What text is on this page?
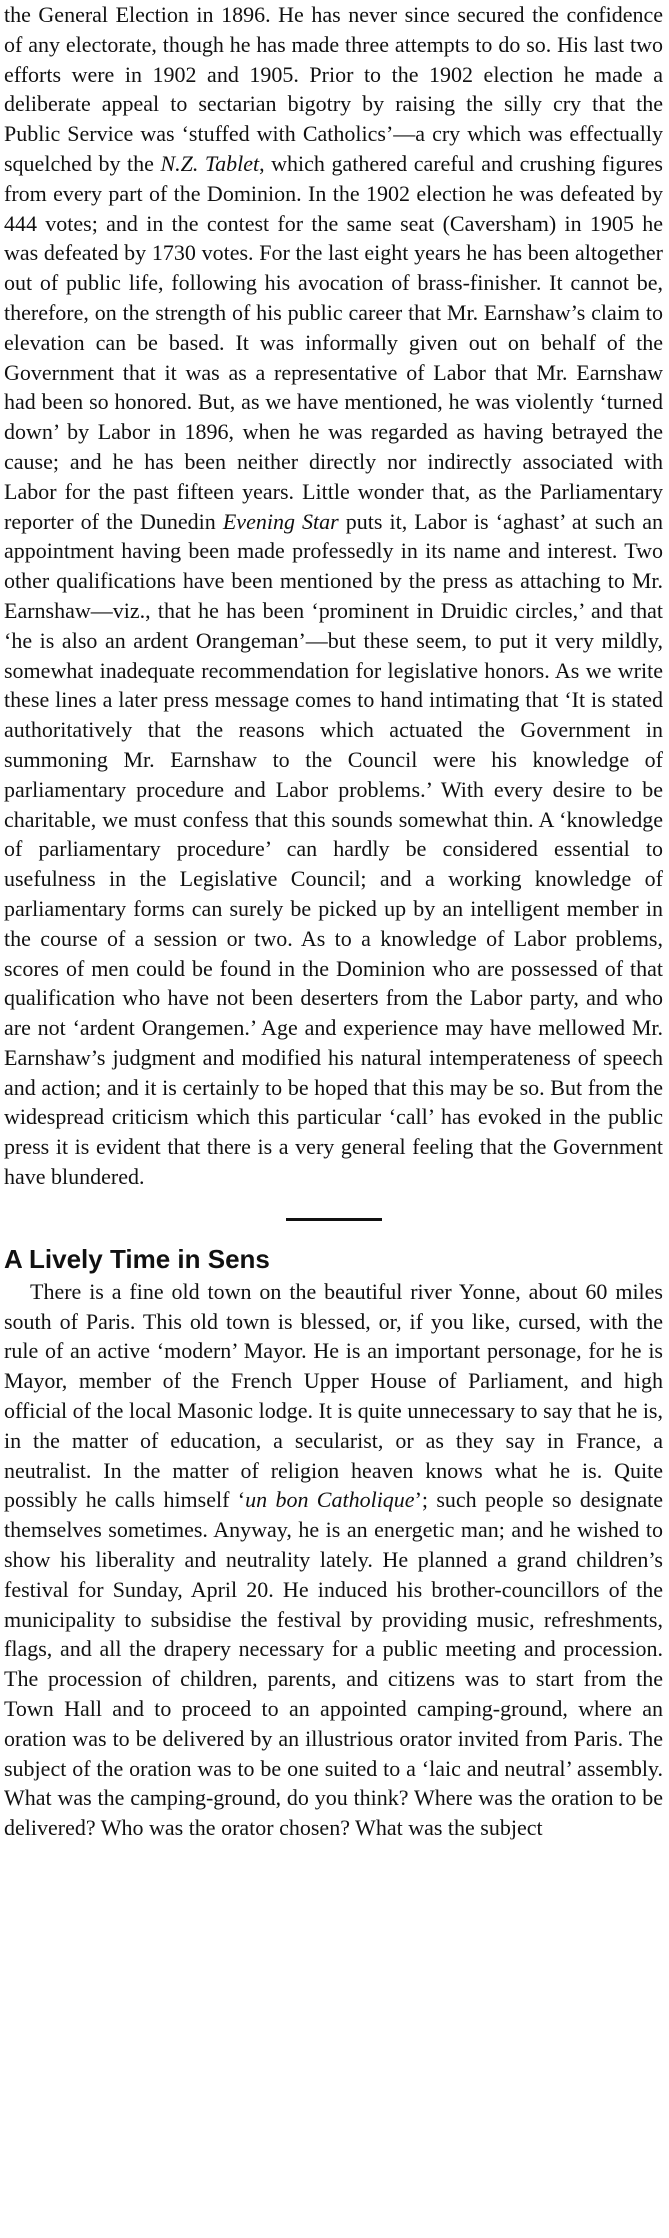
the General Election in 1896. He has never since secured the confidence of any electorate, though he has made three attempts to do so. His last two efforts were in 1902 and 1905. Prior to the 1902 election he made a deliberate appeal to sectarian bigotry by raising the silly cry that the Public Service was ‘stuffed with Catholics’—a cry which was effectually squelched by the N.Z. Tablet, which gathered careful and crushing figures from every part of the Dominion. In the 1902 election he was defeated by 444 votes; and in the contest for the same seat (Caversham) in 1905 he was defeated by 1730 votes. For the last eight years he has been altogether out of public life, following his avocation of brass-finisher. It cannot be, therefore, on the strength of his public career that Mr. Earnshaw’s claim to elevation can be based. It was informally given out on behalf of the Government that it was as a representative of Labor that Mr. Earnshaw had been so honored. But, as we have mentioned, he was violently ‘turned down’ by Labor in 1896, when he was regarded as having betrayed the cause; and he has been neither directly nor indirectly associated with Labor for the past fifteen years. Little wonder that, as the Parliamentary reporter of the Dunedin Evening Star puts it, Labor is ‘aghast’ at such an appointment having been made professedly in its name and interest. Two other qualifications have been mentioned by the press as attaching to Mr. Earnshaw—viz., that he has been ‘prominent in Druidic circles,’ and that ‘he is also an ardent Orangeman’—but these seem, to put it very mildly, somewhat inadequate recommendation for legislative honors. As we write these lines a later press message comes to hand intimating that ‘It is stated authoritatively that the reasons which actuated the Government in summoning Mr. Earnshaw to the Council were his knowledge of parliamentary procedure and Labor problems.’ With every desire to be charitable, we must confess that this sounds somewhat thin. A ‘knowledge of parliamentary procedure’ can hardly be considered essential to usefulness in the Legislative Council; and a working knowledge of parliamentary forms can surely be picked up by an intelligent member in the course of a session or two. As to a knowledge of Labor problems, scores of men could be found in the Dominion who are possessed of that qualification who have not been deserters from the Labor party, and who are not ‘ardent Orangemen.’ Age and experience may have mellowed Mr. Earnshaw’s judgment and modified his natural intemperateness of speech and action; and it is certainly to be hoped that this may be so. But from the widespread criticism which this particular ‘call’ has evoked in the public press it is evident that there is a very general feeling that the Government have blundered.

A Lively Time in Sens

There is a fine old town on the beautiful river Yonne, about 60 miles south of Paris. This old town is blessed, or, if you like, cursed, with the rule of an active ‘modern’ Mayor. He is an important personage, for he is Mayor, member of the French Upper House of Parliament, and high official of the local Masonic lodge. It is quite unnecessary to say that he is, in the matter of education, a secularist, or as they say in France, a neutralist. In the matter of religion heaven knows what he is. Quite possibly he calls himself ‘un bon Catholique’; such people so designate themselves sometimes. Anyway, he is an energetic man; and he wished to show his liberality and neutrality lately. He planned a grand children’s festival for Sunday, April 20. He induced his brother-councillors of the municipality to subsidise the festival by providing music, refreshments, flags, and all the drapery necessary for a public meeting and procession. The procession of children, parents, and citizens was to start from the Town Hall and to proceed to an appointed camping-ground, where an oration was to be delivered by an illustrious orator invited from Paris. The subject of the oration was to be one suited to a ‘laic and neutral’ assembly. What was the camping-ground, do you think? Where was the oration to be delivered? Who was the orator chosen? What was the subject
